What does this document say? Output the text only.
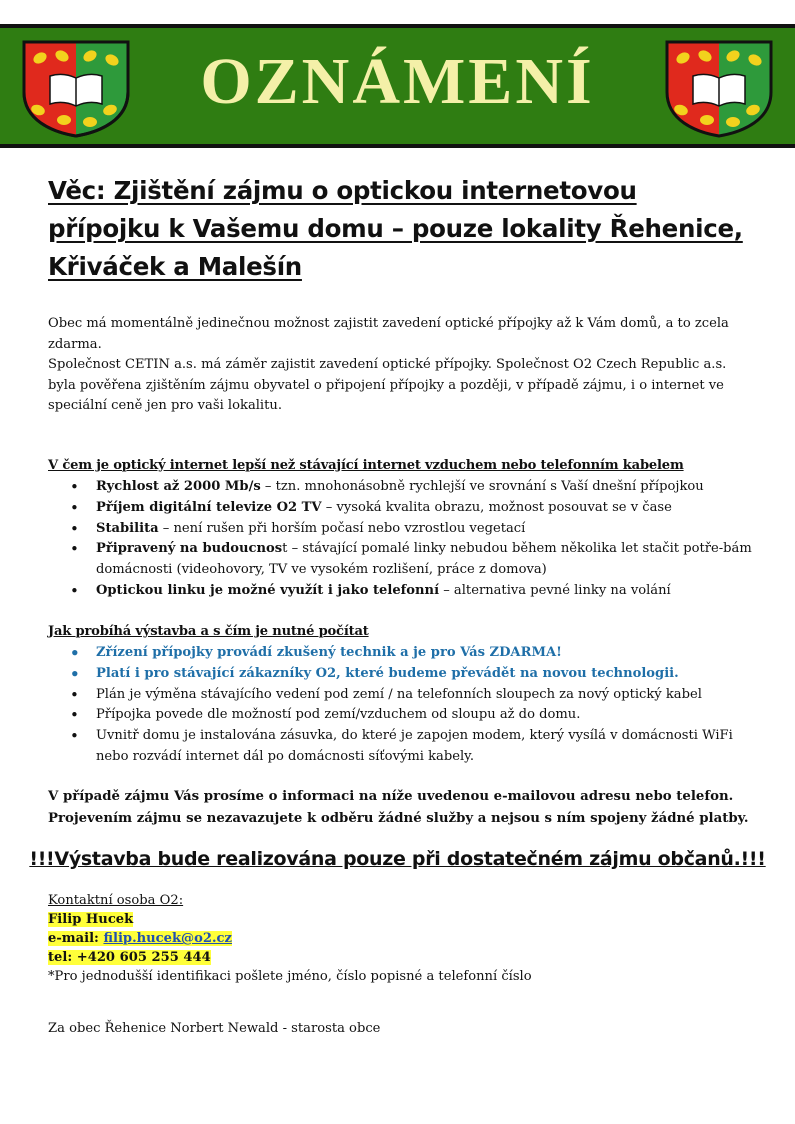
OZNÁMENÍ
Věc: Zjištění zájmu o optickou internetovou přípojku k Vašemu domu – pouze lokality Řehenice, Křiváček a Malešín

Obec má momentálně jedinečnou možnost zajistit zavedení optické přípojky až k Vám domů, a to zcela zdarma.

Společnost CETIN a.s. má záměr zajistit zavedení optické přípojky. Společnost O2 Czech Republic a.s. byla pověřena zjištěním zájmu obyvatel o připojení přípojky a později, v případě zájmu, i o internet ve speciální ceně jen pro vaši lokalitu.

V čem je optický internet lepší než stávající internet vzduchem nebo telefonním kabelem

• Rychlost až 2000 Mb/s – tzn. mnohonásobně rychlejší ve srovnání s Vaší dnešní přípojkou
• Příjem digitální televize O2 TV – vysoká kvalita obrazu, možnost posouvat se v čase
• Stabilita – není rušen při horším počasí nebo vzrostlou vegetací
• Připravený na budoucnost – stávající pomalé linky nebudou během několika let stačit potře-bám domácnosti (videohovory, TV ve vysokém rozlišení, práce z domova)
• Optickou linku je možné využít i jako telefonní – alternativa pevné linky na volání

Jak probíhá výstavba a s čím je nutné počítat

• Zřízení přípojky provádí zkušený technik a je pro Vás ZDARMA!
• Platí i pro stávající zákazníky O2, které budeme převádět na novou technologii.
• Plán je výměna stávajícího vedení pod zemí / na telefonních sloupech za nový optický kabel
• Přípojka povede dle možností pod zemí/vzduchem od sloupu až do domu.
• Uvnitř domu je instalována zásuvka, do které je zapojen modem, který vysílá v domácnosti WiFi nebo rozvádí internet dál po domácnosti síťovými kabely.

V případě zájmu Vás prosíme o informaci na níže uvedenou e-mailovou adresu nebo telefon. Projevením zájmu se nezavazujete k odběru žádné služby a nejsou s ním spojeny žádné platby.

!!!Výstavba bude realizována pouze při dostatečném zájmu občanů.!!!

Kontaktní osoba O2:
Filip Hucek
e-mail: filip.hucek@o2.cz
tel: +420 605 255 444
*Pro jednodušší identifikaci pošlete jméno, číslo popisné a telefonní číslo

Za obec Řehenice Norbert Newald - starosta obce
